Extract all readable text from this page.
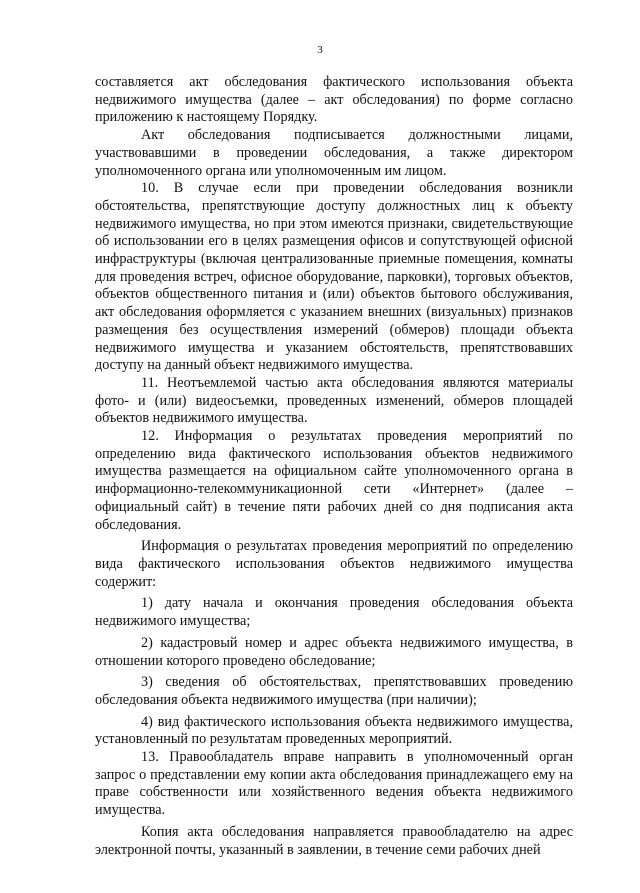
3

составляется акт обследования фактического использования объекта недвижимого имущества (далее – акт обследования) по форме согласно приложению к настоящему Порядку.

Акт обследования подписывается должностными лицами, участвовавшими в проведении обследования, а также директором уполномоченного органа или уполномоченным им лицом.

10. В случае если при проведении обследования возникли обстоятельства, препятствующие доступу должностных лиц к объекту недвижимого имущества, но при этом имеются признаки, свидетельствующие об использовании его в целях размещения офисов и сопутствующей офисной инфраструктуры (включая централизованные приемные помещения, комнаты для проведения встреч, офисное оборудование, парковки), торговых объектов, объектов общественного питания и (или) объектов бытового обслуживания, акт обследования оформляется с указанием внешних (визуальных) признаков размещения без осуществления измерений (обмеров) площади объекта недвижимого имущества и указанием обстоятельств, препятствовавших доступу на данный объект недвижимого имущества.

11. Неотъемлемой частью акта обследования являются материалы фото- и (или) видеосъемки, проведенных изменений, обмеров площадей объектов недвижимого имущества.

12. Информация о результатах проведения мероприятий по определению вида фактического использования объектов недвижимого имущества размещается на официальном сайте уполномоченного органа в информационно-телекоммуникационной сети «Интернет» (далее – официальный сайт) в течение пяти рабочих дней со дня подписания акта обследования.

Информация о результатах проведения мероприятий по определению вида фактического использования объектов недвижимого имущества содержит:

1) дату начала и окончания проведения обследования объекта недвижимого имущества;

2) кадастровый номер и адрес объекта недвижимого имущества, в отношении которого проведено обследование;

3) сведения об обстоятельствах, препятствовавших проведению обследования объекта недвижимого имущества (при наличии);

4) вид фактического использования объекта недвижимого имущества, установленный по результатам проведенных мероприятий.

13. Правообладатель вправе направить в уполномоченный орган запрос о представлении ему копии акта обследования принадлежащего ему на праве собственности или хозяйственного ведения объекта недвижимого имущества.

Копия акта обследования направляется правообладателю на адрес электронной почты, указанный в заявлении, в течение семи рабочих дней
